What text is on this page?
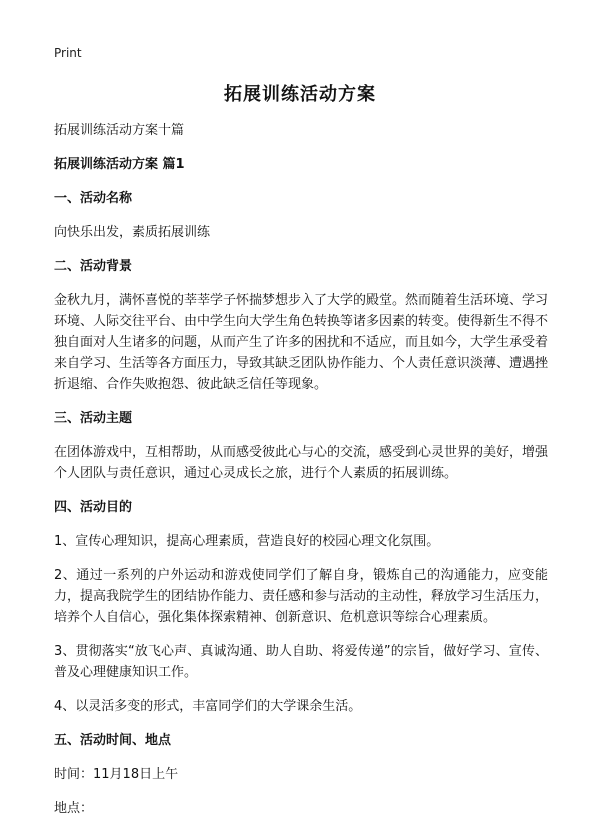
Print
拓展训练活动方案

拓展训练活动方案十篇

拓展训练活动方案 篇1

一、活动名称

向快乐出发，素质拓展训练

二、活动背景

金秋九月，满怀喜悦的莘莘学子怀揣梦想步入了大学的殿堂。然而随着生活环境、学习环境、人际交往平台、由中学生向大学生角色转换等诸多因素的转变。使得新生不得不独自面对人生诸多的问题，从而产生了许多的困扰和不适应，而且如今，大学生承受着来自学习、生活等各方面压力，导致其缺乏团队协作能力、个人责任意识淡薄、遭遇挫折退缩、合作失败抱怨、彼此缺乏信任等现象。

三、活动主题

在团体游戏中，互相帮助，从而感受彼此心与心的交流，感受到心灵世界的美好，增强个人团队与责任意识，通过心灵成长之旅，进行个人素质的拓展训练。

四、活动目的

1、宣传心理知识，提高心理素质，营造良好的校园心理文化氛围。

2、通过一系列的户外运动和游戏使同学们了解自身，锻炼自己的沟通能力，应变能力，提高我院学生的团结协作能力、责任感和参与活动的主动性，释放学习生活压力，培养个人自信心，强化集体探索精神、创新意识、危机意识等综合心理素质。

3、贯彻落实“放飞心声、真诚沟通、助人自助、将爱传递”的宗旨，做好学习、宣传、普及心理健康知识工作。

4、以灵活多变的形式，丰富同学们的大学课余生活。

五、活动时间、地点

时间：11月18日上午

地点：
